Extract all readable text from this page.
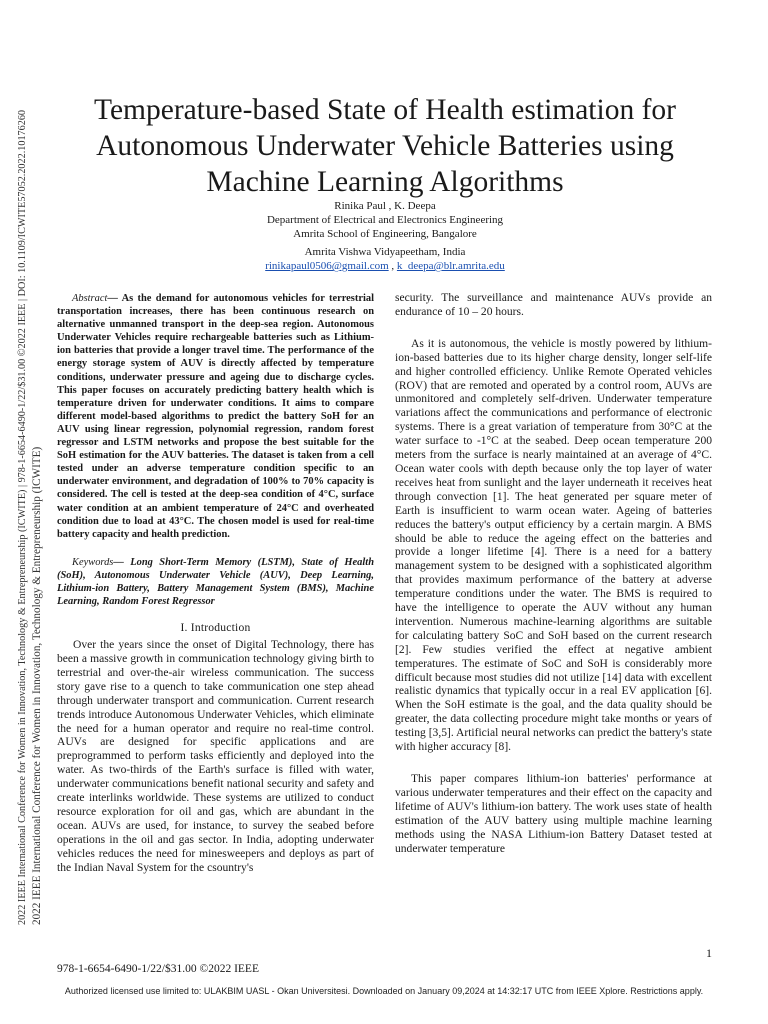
2022 IEEE International Conference for Women in Innovation, Technology & Entrepreneurship (ICWITE) | 978-1-6654-6490-1/22/$31.00 ©2022 IEEE | DOI: 10.1109/ICWITE57052.2022.10176260 2022 IEEE International Conference for Women in Innovation, Technology & Entrepreneurship (ICWITE)
Temperature-based State of Health estimation for
Autonomous Underwater Vehicle Batteries using
Machine Learning Algorithms
Rinika Paul , K. Deepa
Department of Electrical and Electronics Engineering
Amrita School of Engineering, Bangalore
Amrita Vishwa Vidyapeetham, India
rinikapaul0506@gmail.com , k_deepa@blr.amrita.edu

Abstract— As the demand for autonomous vehicles for terrestrial transportation increases, there has been continuous research on alternative unmanned transport in the deep-sea region. Autonomous Underwater Vehicles require rechargeable batteries such as Lithium-ion batteries that provide a longer travel time. The performance of the energy storage system of AUV is directly affected by temperature conditions, underwater pressure and ageing due to discharge cycles. This paper focuses on accurately predicting battery health which is temperature driven for underwater conditions. It aims to compare different model-based algorithms to predict the battery SoH for an AUV using linear regression, polynomial regression, random forest regressor and LSTM networks and propose the best suitable for the SoH estimation for the AUV batteries. The dataset is taken from a cell tested under an adverse temperature condition specific to an underwater environment, and degradation of 100% to 70% capacity is considered. The cell is tested at the deep-sea condition of 4°C, surface water condition at an ambient temperature of 24°C and overheated condition due to load at 43°C. The chosen model is used for real-time battery capacity and health prediction.

Keywords— Long Short-Term Memory (LSTM), State of Health (SoH), Autonomous Underwater Vehicle (AUV), Deep Learning, Lithium-ion Battery, Battery Management System (BMS), Machine Learning, Random Forest Regressor

I. Introduction

Over the years since the onset of Digital Technology, there has been a massive growth in communication technology giving birth to terrestrial and over-the-air wireless communication. The success story gave rise to a quench to take communication one step ahead through underwater transport and communication. Current research trends introduce Autonomous Underwater Vehicles, which eliminate the need for a human operator and require no real-time control. AUVs are designed for specific applications and are preprogrammed to perform tasks efficiently and deployed into the water. As two-thirds of the Earth's surface is filled with water, underwater communications benefit national security and safety and create interlinks worldwide. These systems are utilized to conduct resource exploration for oil and gas, which are abundant in the ocean. AUVs are used, for instance, to survey the seabed before operations in the oil and gas sector. In India, adopting underwater vehicles reduces the need for minesweepers and deploys as part of the Indian Naval System for the csountry's

security. The surveillance and maintenance AUVs provide an endurance of 10 – 20 hours.

As it is autonomous, the vehicle is mostly powered by lithium-ion-based batteries due to its higher charge density, longer self-life and higher controlled efficiency. Unlike Remote Operated vehicles (ROV) that are remoted and operated by a control room, AUVs are unmonitored and completely self-driven. Underwater temperature variations affect the communications and performance of electronic systems. There is a great variation of temperature from 30°C at the water surface to -1°C at the seabed. Deep ocean temperature 200 meters from the surface is nearly maintained at an average of 4°C. Ocean water cools with depth because only the top layer of water receives heat from sunlight and the layer underneath it receives heat through convection [1]. The heat generated per square meter of Earth is insufficient to warm ocean water. Ageing of batteries reduces the battery's output efficiency by a certain margin. A BMS should be able to reduce the ageing effect on the batteries and provide a longer lifetime [4]. There is a need for a battery management system to be designed with a sophisticated algorithm that provides maximum performance of the battery at adverse temperature conditions under the water. The BMS is required to have the intelligence to operate the AUV without any human intervention. Numerous machine-learning algorithms are suitable for calculating battery SoC and SoH based on the current research [2]. Few studies verified the effect at negative ambient temperatures. The estimate of SoC and SoH is considerably more difficult because most studies did not utilize [14] data with excellent realistic dynamics that typically occur in a real EV application [6]. When the SoH estimate is the goal, and the data quality should be greater, the data collecting procedure might take months or years of testing [3,5]. Artificial neural networks can predict the battery's state with higher accuracy [8].

This paper compares lithium-ion batteries' performance at various underwater temperatures and their effect on the capacity and lifetime of AUV's lithium-ion battery. The work uses state of health estimation of the AUV battery using multiple machine learning methods using the NASA Lithium-ion Battery Dataset tested at underwater temperature

1
978-1-6654-6490-1/22/$31.00 ©2022 IEEE
Authorized licensed use limited to: ULAKBIM UASL - Okan Universitesi. Downloaded on January 09,2024 at 14:32:17 UTC from IEEE Xplore. Restrictions apply.
